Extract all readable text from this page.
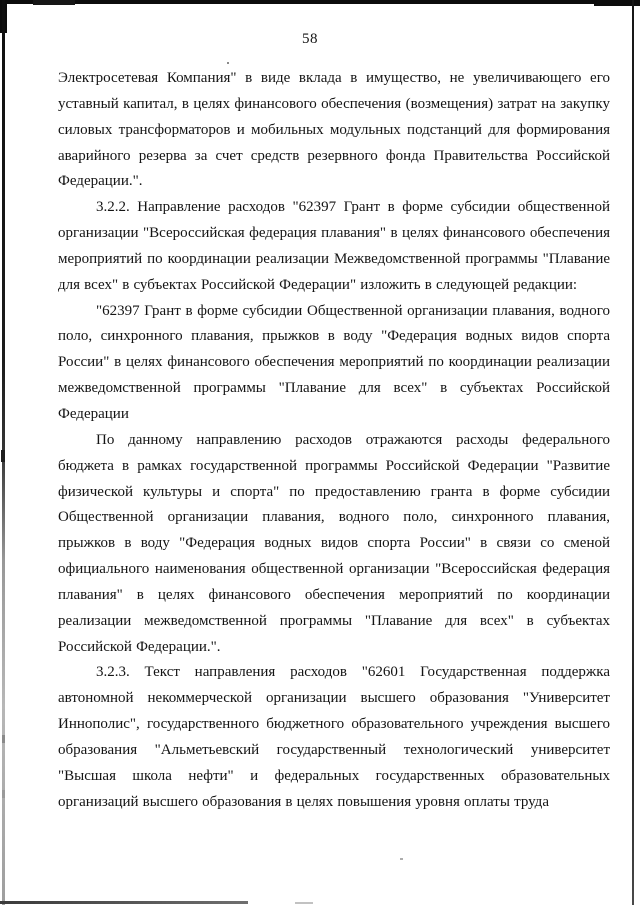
58

Электросетевая Компания" в виде вклада в имущество, не увеличивающего его уставный капитал, в целях финансового обеспечения (возмещения) затрат на закупку силовых трансформаторов и мобильных модульных подстанций для формирования аварийного резерва за счет средств резервного фонда Правительства Российской Федерации.".

3.2.2. Направление расходов "62397 Грант в форме субсидии общественной организации "Всероссийская федерация плавания" в целях финансового обеспечения мероприятий по координации реализации Межведомственной программы "Плавание для всех" в субъектах Российской Федерации" изложить в следующей редакции:

"62397 Грант в форме субсидии Общественной организации плавания, водного поло, синхронного плавания, прыжков в воду "Федерация водных видов спорта России" в целях финансового обеспечения мероприятий по координации реализации межведомственной программы "Плавание для всех" в субъектах Российской Федерации

По данному направлению расходов отражаются расходы федерального бюджета в рамках государственной программы Российской Федерации "Развитие физической культуры и спорта" по предоставлению гранта в форме субсидии Общественной организации плавания, водного поло, синхронного плавания, прыжков в воду "Федерация водных видов спорта России" в связи со сменой официального наименования общественной организации "Всероссийская федерация плавания" в целях финансового обеспечения мероприятий по координации реализации межведомственной программы "Плавание для всех" в субъектах Российской Федерации.".

3.2.3. Текст направления расходов "62601 Государственная поддержка автономной некоммерческой организации высшего образования "Университет Иннополис", государственного бюджетного образовательного учреждения высшего образования "Альметьевский государственный технологический университет "Высшая школа нефти" и федеральных государственных образовательных организаций высшего образования в целях повышения уровня оплаты труда
